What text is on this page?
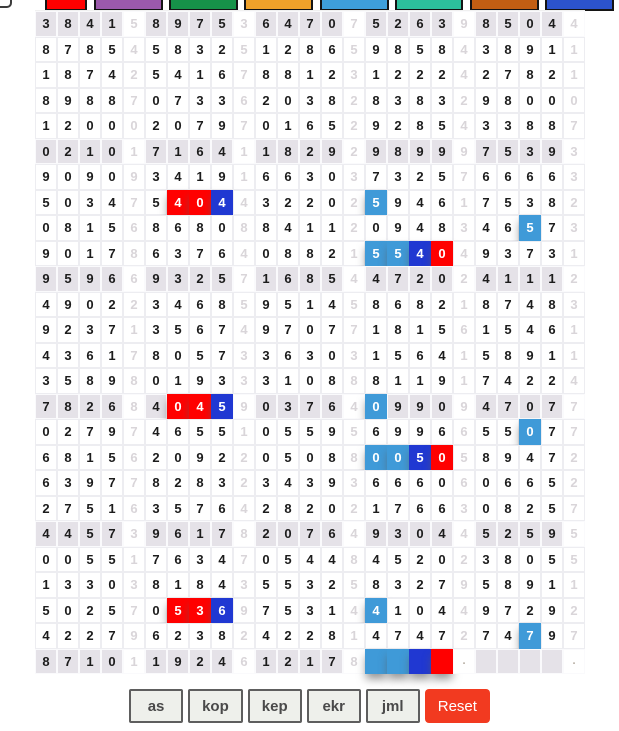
3	8	4	1	5	8	9	7	5	3	6	4	7	0	7	5	2	6	3	9	8	5	0	4	4
8	7	8	5	4	5	8	3	2	5	1	2	8	6	5	9	8	5	8	4	3	8	9	1	1
1	8	7	4	2	5	4	1	6	7	8	8	1	2	3	1	2	2	2	4	2	7	8	2	1
8	9	8	8	7	0	7	3	3	6	2	0	3	8	2	8	3	8	3	2	9	8	0	0	0
1	2	0	0	0	2	0	7	9	7	0	1	6	5	2	9	2	8	5	4	3	3	8	8	7
0	2	1	0	1	7	1	6	4	1	1	8	2	9	2	9	8	9	9	9	7	5	3	9	3
9	0	9	0	9	3	4	1	9	1	6	6	3	0	3	7	3	2	5	7	6	6	6	6	3
5	0	3	4	7	5	4	0	4	4	3	2	2	0	2	5	9	4	6	1	7	5	3	8	2
0	8	1	5	6	8	6	8	0	8	8	4	1	1	2	0	9	4	8	3	4	6	5	7	3
9	0	1	7	8	6	3	7	6	4	0	8	8	2	1	5	5	4	0	4	9	3	7	3	1
9	5	9	6	6	9	3	2	5	7	1	6	8	5	4	4	7	2	0	2	4	1	1	1	2
4	9	0	2	2	3	4	6	8	5	9	5	1	4	5	8	6	8	2	1	8	7	4	8	3
9	2	3	7	1	3	5	6	7	4	9	7	0	7	7	1	8	1	5	6	1	5	4	6	1
4	3	6	1	7	8	0	5	7	3	3	6	3	0	3	1	5	6	4	1	5	8	9	1	1
3	5	8	9	8	0	1	9	3	3	3	1	0	8	8	8	1	1	9	1	7	4	2	2	4
7	8	2	6	8	4	0	4	5	9	0	3	7	6	4	0	9	9	0	9	4	7	0	7	7
0	2	7	9	7	4	6	5	5	1	0	5	5	9	5	6	9	9	6	6	5	5	0	7	7
6	8	1	5	6	2	0	9	2	2	0	5	0	8	8	0	0	5	0	5	8	9	4	7	2
6	3	9	7	7	8	2	8	3	2	3	4	3	9	3	6	6	6	0	6	0	6	6	5	2
2	7	5	1	6	3	5	7	6	4	2	8	2	0	2	1	7	6	6	3	0	8	2	5	7
4	4	5	7	3	9	6	1	7	8	2	0	7	6	4	9	3	0	4	4	5	2	5	9	5
0	0	5	5	1	7	6	3	4	7	0	5	4	4	8	4	5	2	0	2	3	8	0	5	5
1	3	3	0	3	8	1	8	4	3	5	5	3	2	5	8	3	2	7	9	5	8	9	1	1
5	0	2	5	7	0	5	3	6	9	7	5	3	1	4	4	1	0	4	4	9	7	2	9	2
4	2	2	7	9	6	2	3	8	2	4	2	2	8	1	4	7	4	7	2	7	4	7	9	7
8	7	1	0	1	1	9	2	4	6	1	2	1	7	8	.	.
as	kop	kep	ekr	jml	Reset
